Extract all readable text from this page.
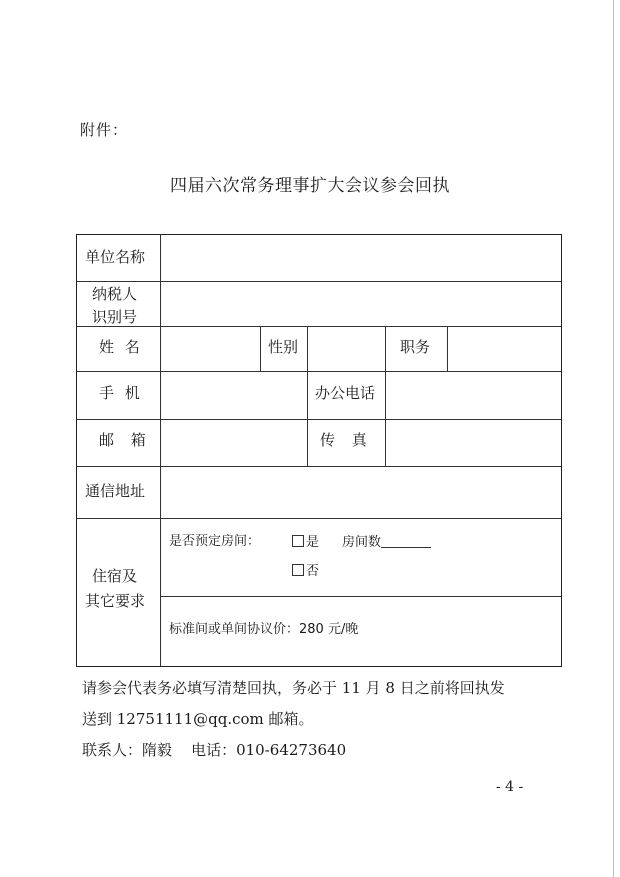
附件：
四届六次常务理事扩大会议参会回执
单位名称
纳税人
识别号
姓 名	性别	职务
手 机	办公电话
邮 箱	传 真
通信地址
住宿及
其它要求
是否预定房间：	是 房间数
否
标准间或单间协议价：280 元/晚
请参会代表务必填写清楚回执，务必于 11 月 8 日之前将回执发
送到 12751111@qq.com 邮箱。
联系人：隋毅    电话：010-64273640
- 4 -
